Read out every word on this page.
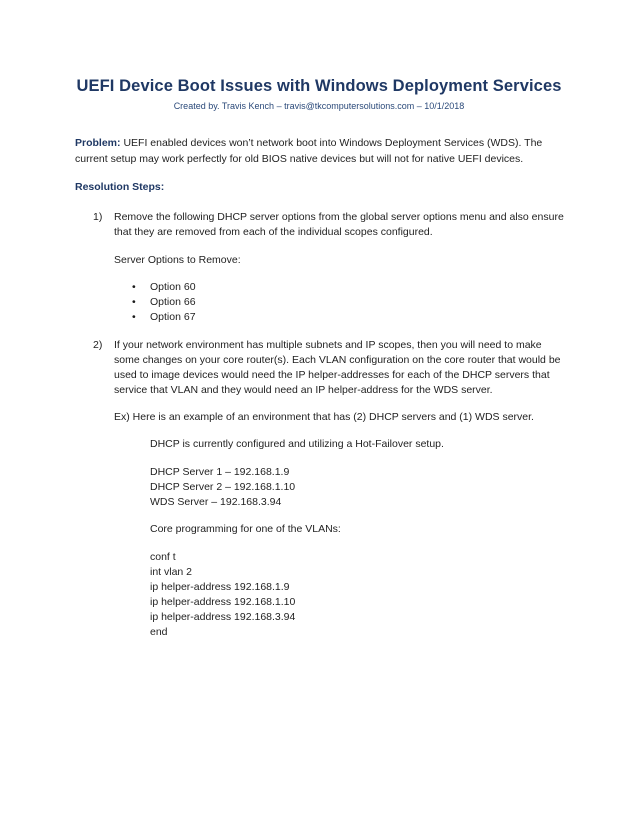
UEFI Device Boot Issues with Windows Deployment Services
Created by. Travis Kench – travis@tkcomputersolutions.com – 10/1/2018
Problem: UEFI enabled devices won’t network boot into Windows Deployment Services (WDS). The
current setup may work perfectly for old BIOS native devices but will not for native UEFI devices.
Resolution Steps:
1) Remove the following DHCP server options from the global server options menu and also ensure
that they are removed from each of the individual scopes configured.
Server Options to Remove:
• Option 60
• Option 66
• Option 67
2) If your network environment has multiple subnets and IP scopes, then you will need to make
some changes on your core router(s). Each VLAN configuration on the core router that would be
used to image devices would need the IP helper-addresses for each of the DHCP servers that
service that VLAN and they would need an IP helper-address for the WDS server.
Ex) Here is an example of an environment that has (2) DHCP servers and (1) WDS server.
DHCP is currently configured and utilizing a Hot-Failover setup.
DHCP Server 1 – 192.168.1.9
DHCP Server 2 – 192.168.1.10
WDS Server – 192.168.3.94
Core programming for one of the VLANs:
conf t
int vlan 2
ip helper-address 192.168.1.9
ip helper-address 192.168.1.10
ip helper-address 192.168.3.94
end
